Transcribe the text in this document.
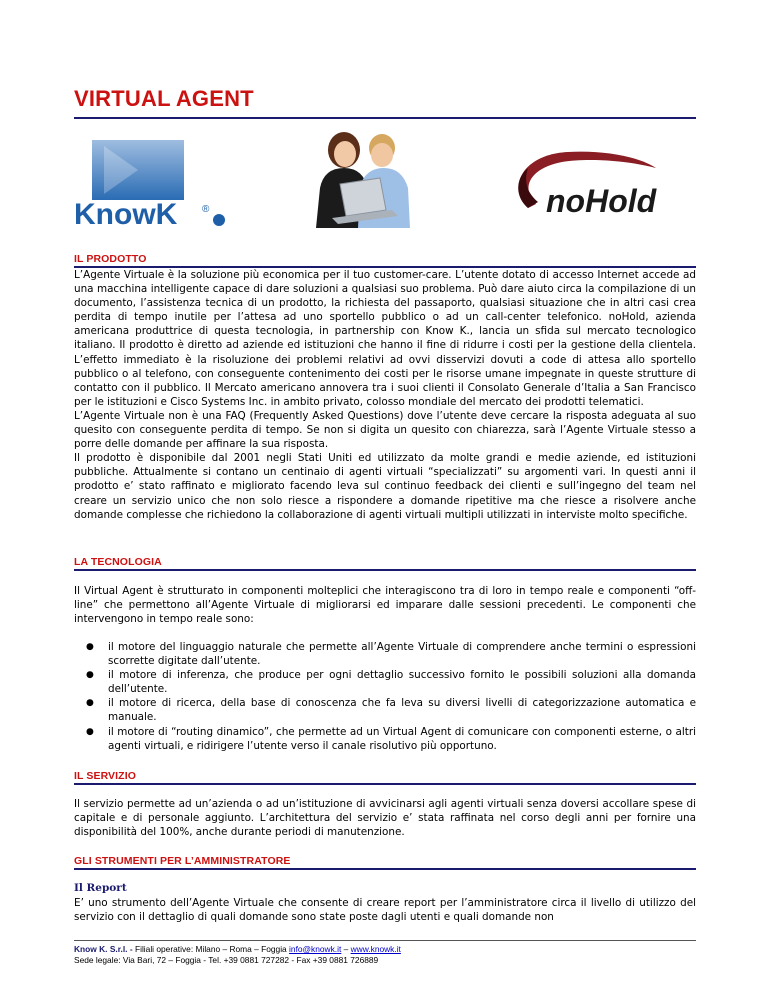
VIRTUAL AGENT
KnowK ®	noHold
IL PRODOTTO

L’Agente Virtuale è la soluzione più economica per il tuo customer-care. L’utente dotato di accesso Internet accede ad una macchina intelligente capace di dare soluzioni a qualsiasi suo problema. Può dare aiuto circa la compilazione di un documento, l’assistenza tecnica di un prodotto, la richiesta del passaporto, qualsiasi situazione che in altri casi crea perdita di tempo inutile per l’attesa ad uno sportello pubblico o ad un call-center telefonico. noHold, azienda americana produttrice di questa tecnologia, in partnership con Know K., lancia un sfida sul mercato tecnologico italiano. Il prodotto è diretto ad aziende ed istituzioni che hanno il fine di ridurre i costi per la gestione della clientela. L’effetto immediato è la risoluzione dei problemi relativi ad ovvi disservizi dovuti a code di attesa allo sportello pubblico o al telefono, con conseguente contenimento dei costi per le risorse umane impegnate in queste strutture di contatto con il pubblico. Il Mercato americano annovera tra i suoi clienti il Consolato Generale d’Italia a San Francisco per le istituzioni e Cisco Systems Inc. in ambito privato, colosso mondiale del mercato dei prodotti telematici.

L’Agente Virtuale non è una FAQ (Frequently Asked Questions) dove l’utente deve cercare la risposta adeguata al suo quesito con conseguente perdita di tempo. Se non si digita un quesito con chiarezza, sarà l’Agente Virtuale stesso a porre delle domande per affinare la sua risposta.

Il prodotto è disponibile dal 2001 negli Stati Uniti ed utilizzato da molte grandi e medie aziende, ed istituzioni pubbliche. Attualmente si contano un centinaio di agenti virtuali “specializzati” su argomenti vari. In questi anni il prodotto e’ stato raffinato e migliorato facendo leva sul continuo feedback dei clienti e sull’ingegno del team nel creare un servizio unico che non solo riesce a rispondere a domande ripetitive ma che riesce a risolvere anche domande complesse che richiedono la collaborazione di agenti virtuali multipli utilizzati in interviste molto specifiche.

LA TECNOLOGIA
Il Virtual Agent è strutturato in componenti molteplici che interagiscono tra di loro in tempo reale e componenti “off-line” che permettono all’Agente Virtuale di migliorarsi ed imparare dalle sessioni precedenti. Le componenti che intervengono in tempo reale sono:
● il motore del linguaggio naturale che permette all’Agente Virtuale di comprendere anche termini o espressioni scorrette digitate dall’utente.
● il motore di inferenza, che produce per ogni dettaglio successivo fornito le possibili soluzioni alla domanda dell’utente.
● il motore di ricerca, della base di conoscenza che fa leva su diversi livelli di categorizzazione automatica e manuale.
● il motore di “routing dinamico”, che permette ad un Virtual Agent di comunicare con componenti esterne, o altri agenti virtuali, e ridirigere l’utente verso il canale risolutivo più opportuno.
IL SERVIZIO
Il servizio permette ad un’azienda o ad un’istituzione di avvicinarsi agli agenti virtuali senza doversi accollare spese di capitale e di personale aggiunto. L’architettura del servizio e’ stata raffinata nel corso degli anni per fornire una disponibilità del 100%, anche durante periodi di manutenzione.
GLI STRUMENTI PER L’AMMINISTRATORE
Il Report
E’ uno strumento dell’Agente Virtuale che consente di creare report per l’amministratore circa il livello di utilizzo del servizio con il dettaglio di quali domande sono state poste dagli utenti e quali domande non
Know K. S.r.l. - Filiali operative: Milano – Roma – Foggia info@knowk.it – www.knowk.it
Sede legale: Via Bari, 72 – Foggia - Tel. +39 0881 727282 - Fax +39 0881 726889
